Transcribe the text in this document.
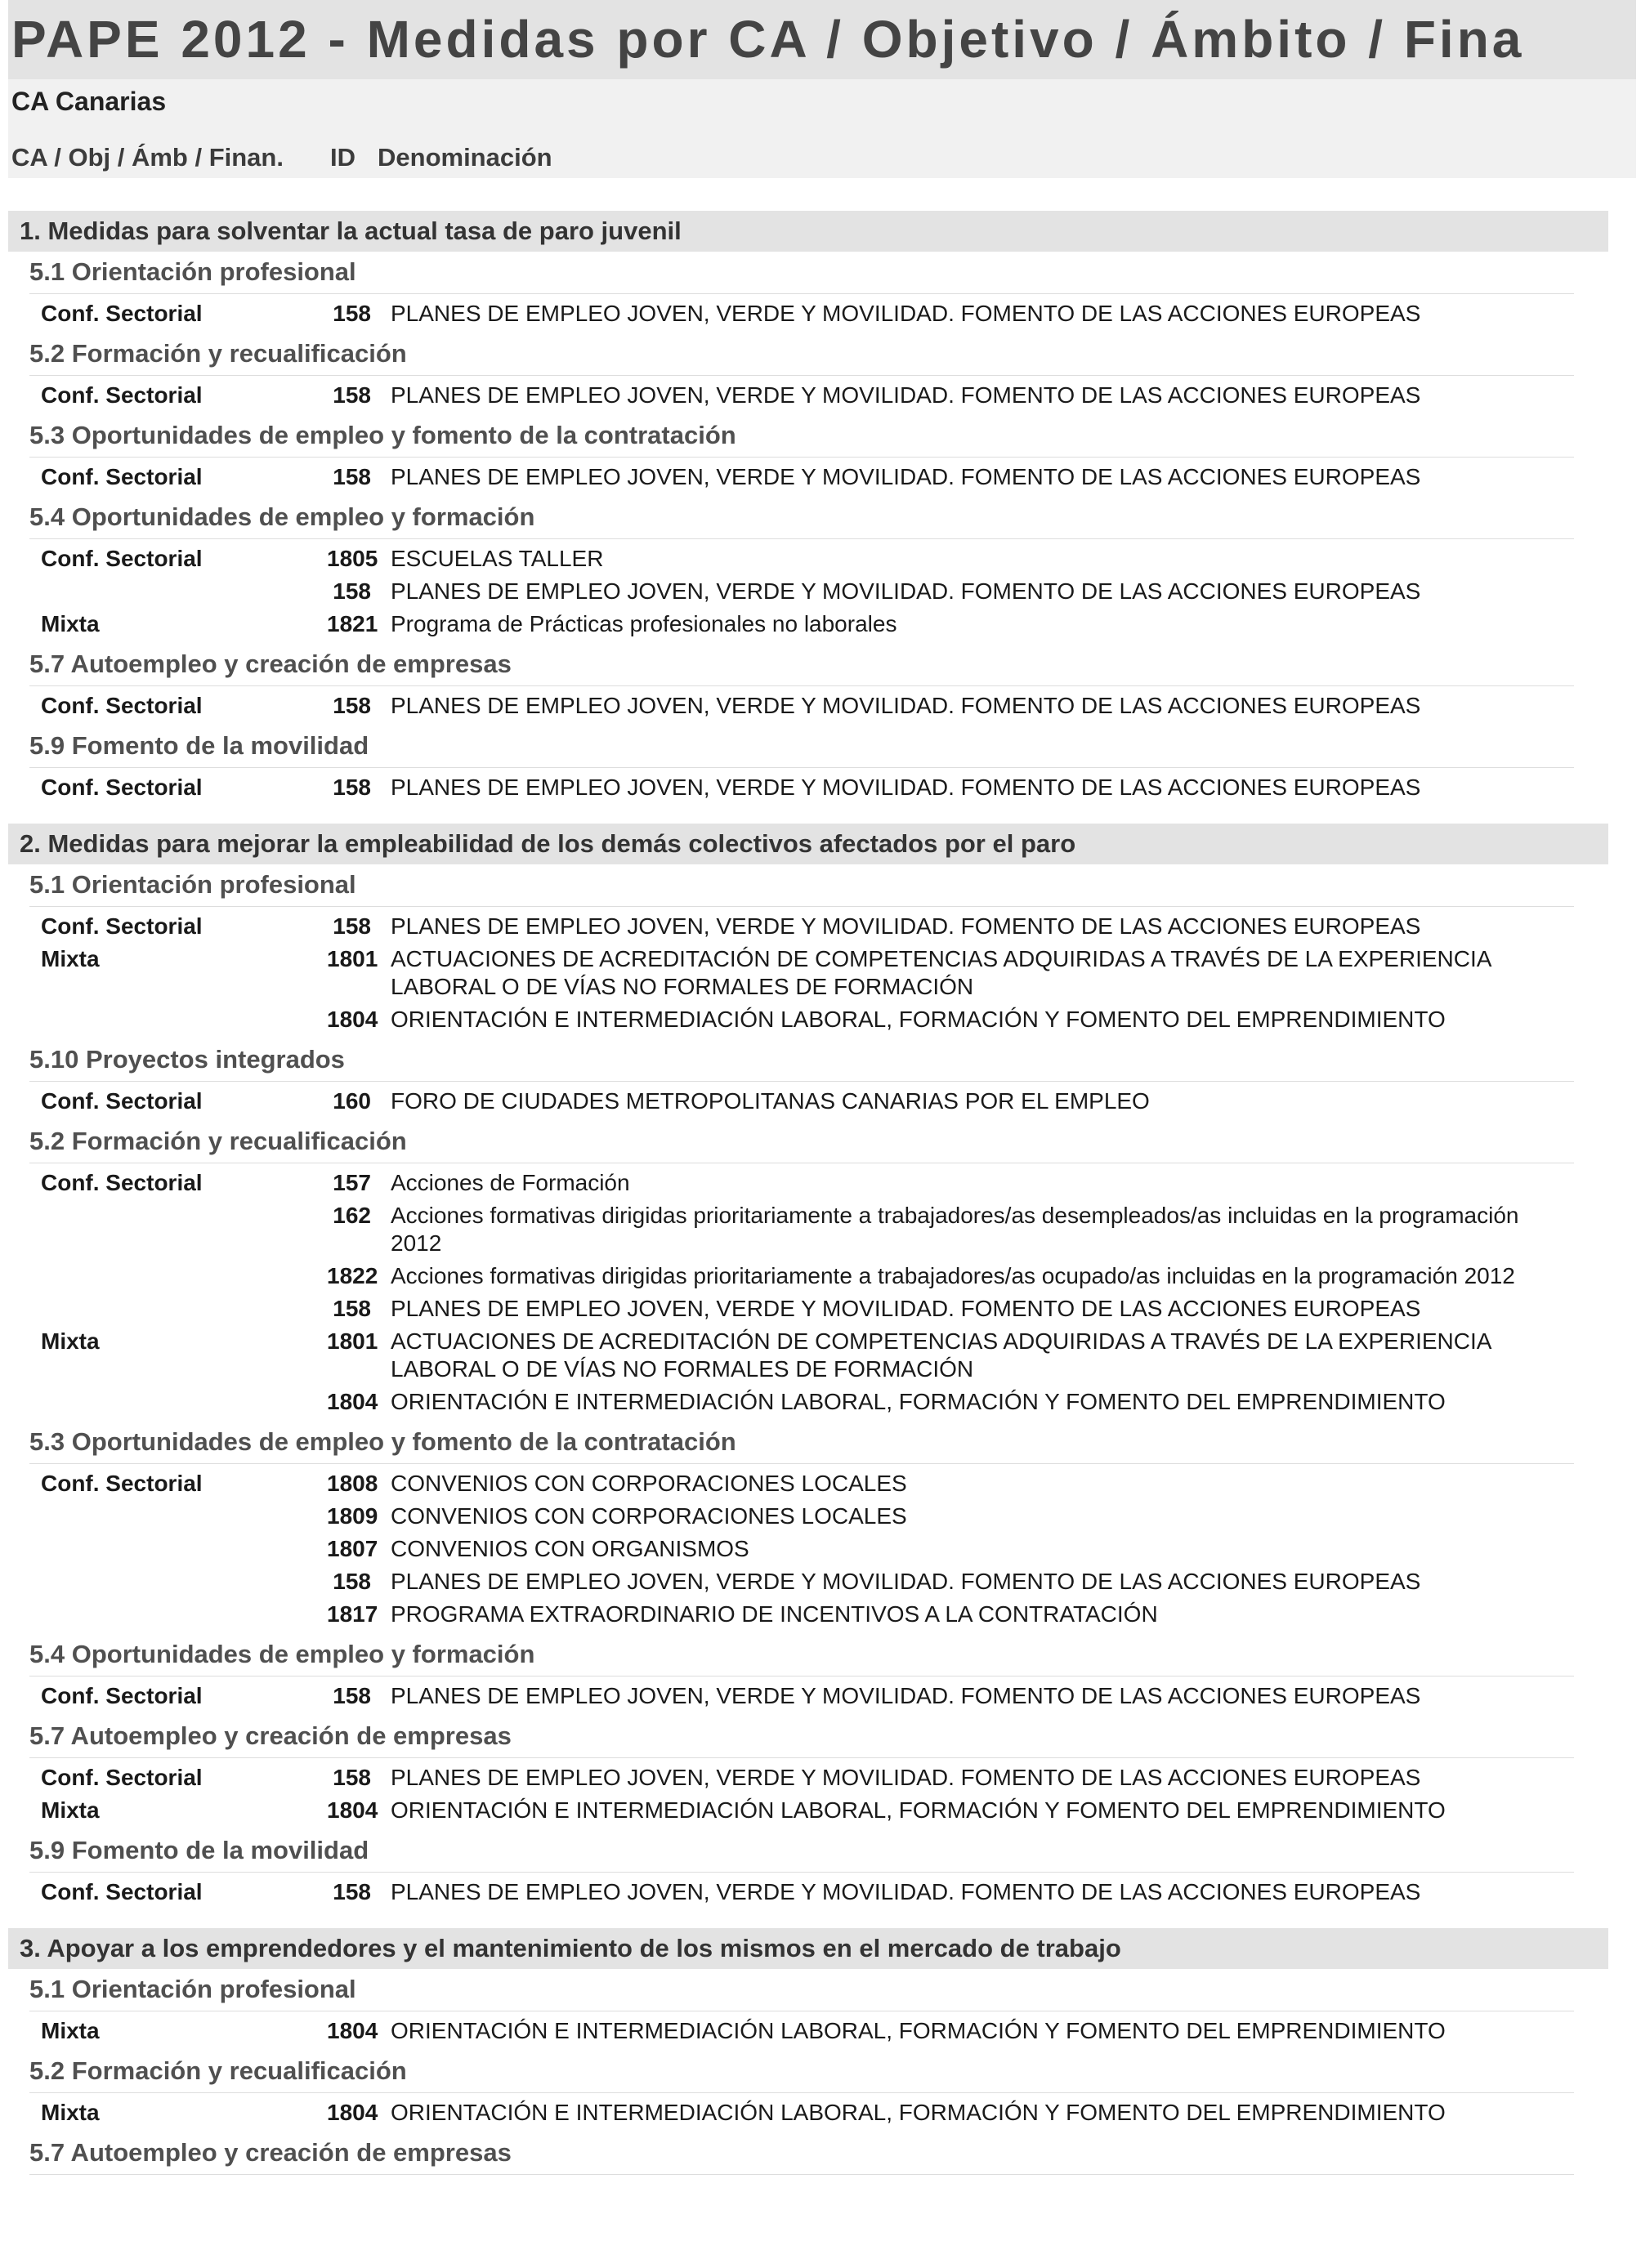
PAPE 2012 - Medidas por CA / Objetivo / Ámbito / Fina
CA Canarias
CA / Obj / Ámb / Finan. ID Denominación
1. Medidas para solventar la actual tasa de paro juvenil
5.1 Orientación profesional
Conf. Sectorial	158 PLANES DE EMPLEO JOVEN, VERDE Y MOVILIDAD. FOMENTO DE LAS ACCIONES EUROPEAS
5.2 Formación y recualificación
Conf. Sectorial	158 PLANES DE EMPLEO JOVEN, VERDE Y MOVILIDAD. FOMENTO DE LAS ACCIONES EUROPEAS
5.3 Oportunidades de empleo y fomento de la contratación
Conf. Sectorial	158 PLANES DE EMPLEO JOVEN, VERDE Y MOVILIDAD. FOMENTO DE LAS ACCIONES EUROPEAS
5.4 Oportunidades de empleo y formación
Conf. Sectorial	1805 ESCUELAS TALLER
158 PLANES DE EMPLEO JOVEN, VERDE Y MOVILIDAD. FOMENTO DE LAS ACCIONES EUROPEAS
Mixta	1821 Programa de Prácticas profesionales no laborales
5.7 Autoempleo y creación de empresas
Conf. Sectorial	158 PLANES DE EMPLEO JOVEN, VERDE Y MOVILIDAD. FOMENTO DE LAS ACCIONES EUROPEAS
5.9 Fomento de la movilidad
Conf. Sectorial	158 PLANES DE EMPLEO JOVEN, VERDE Y MOVILIDAD. FOMENTO DE LAS ACCIONES EUROPEAS
2. Medidas para mejorar la empleabilidad de los demás colectivos afectados por el paro
5.1 Orientación profesional
Conf. Sectorial	158 PLANES DE EMPLEO JOVEN, VERDE Y MOVILIDAD. FOMENTO DE LAS ACCIONES EUROPEAS
Mixta	1801 ACTUACIONES DE ACREDITACIÓN DE COMPETENCIAS ADQUIRIDAS A TRAVÉS DE LA EXPERIENCIA LABORAL O DE VÍAS NO FORMALES DE FORMACIÓN
1804 ORIENTACIÓN E INTERMEDIACIÓN LABORAL, FORMACIÓN Y FOMENTO DEL EMPRENDIMIENTO
5.10 Proyectos integrados
Conf. Sectorial	160 FORO DE CIUDADES METROPOLITANAS CANARIAS POR EL EMPLEO
5.2 Formación y recualificación
Conf. Sectorial	157 Acciones de Formación
162 Acciones formativas dirigidas prioritariamente a trabajadores/as desempleados/as incluidas en la programación 2012
1822 Acciones formativas dirigidas prioritariamente a trabajadores/as ocupado/as incluidas en la programación 2012
158 PLANES DE EMPLEO JOVEN, VERDE Y MOVILIDAD. FOMENTO DE LAS ACCIONES EUROPEAS
Mixta	1801 ACTUACIONES DE ACREDITACIÓN DE COMPETENCIAS ADQUIRIDAS A TRAVÉS DE LA EXPERIENCIA LABORAL O DE VÍAS NO FORMALES DE FORMACIÓN
1804 ORIENTACIÓN E INTERMEDIACIÓN LABORAL, FORMACIÓN Y FOMENTO DEL EMPRENDIMIENTO
5.3 Oportunidades de empleo y fomento de la contratación
Conf. Sectorial	1808 CONVENIOS CON CORPORACIONES LOCALES
1809 CONVENIOS CON CORPORACIONES LOCALES
1807 CONVENIOS CON ORGANISMOS
158 PLANES DE EMPLEO JOVEN, VERDE Y MOVILIDAD. FOMENTO DE LAS ACCIONES EUROPEAS
1817 PROGRAMA EXTRAORDINARIO DE INCENTIVOS A LA CONTRATACIÓN
5.4 Oportunidades de empleo y formación
Conf. Sectorial	158 PLANES DE EMPLEO JOVEN, VERDE Y MOVILIDAD. FOMENTO DE LAS ACCIONES EUROPEAS
5.7 Autoempleo y creación de empresas
Conf. Sectorial	158 PLANES DE EMPLEO JOVEN, VERDE Y MOVILIDAD. FOMENTO DE LAS ACCIONES EUROPEAS
Mixta	1804 ORIENTACIÓN E INTERMEDIACIÓN LABORAL, FORMACIÓN Y FOMENTO DEL EMPRENDIMIENTO
5.9 Fomento de la movilidad
Conf. Sectorial	158 PLANES DE EMPLEO JOVEN, VERDE Y MOVILIDAD. FOMENTO DE LAS ACCIONES EUROPEAS
3. Apoyar a los emprendedores y el mantenimiento de los mismos en el mercado de trabajo
5.1 Orientación profesional
Mixta	1804 ORIENTACIÓN E INTERMEDIACIÓN LABORAL, FORMACIÓN Y FOMENTO DEL EMPRENDIMIENTO
5.2 Formación y recualificación
Mixta	1804 ORIENTACIÓN E INTERMEDIACIÓN LABORAL, FORMACIÓN Y FOMENTO DEL EMPRENDIMIENTO
5.7 Autoempleo y creación de empresas
